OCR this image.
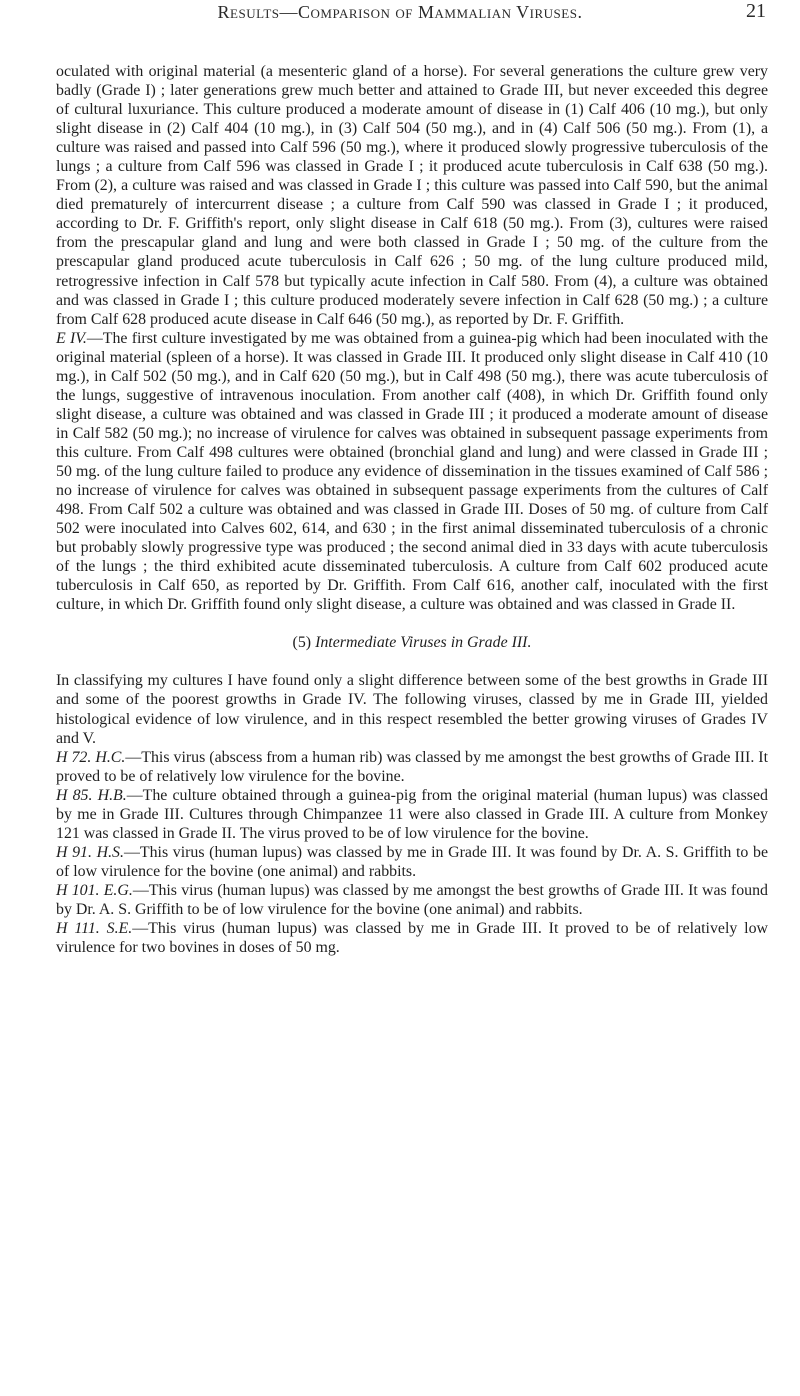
Results—Comparison of Mammalian Viruses.	21

oculated with original material (a mesenteric gland of a horse). For several generations the culture grew very badly (Grade I) ; later generations grew much better and attained to Grade III, but never exceeded this degree of cultural luxuriance. This culture produced a moderate amount of disease in (1) Calf 406 (10 mg.), but only slight disease in (2) Calf 404 (10 mg.), in (3) Calf 504 (50 mg.), and in (4) Calf 506 (50 mg.). From (1), a culture was raised and passed into Calf 596 (50 mg.), where it produced slowly progressive tuberculosis of the lungs ; a culture from Calf 596 was classed in Grade I ; it produced acute tuberculosis in Calf 638 (50 mg.). From (2), a culture was raised and was classed in Grade I ; this culture was passed into Calf 590, but the animal died prematurely of intercurrent disease ; a culture from Calf 590 was classed in Grade I ; it produced, according to Dr. F. Griffith's report, only slight disease in Calf 618 (50 mg.). From (3), cultures were raised from the prescapular gland and lung and were both classed in Grade I ; 50 mg. of the culture from the prescapular gland produced acute tuberculosis in Calf 626 ; 50 mg. of the lung culture produced mild, retrogressive infection in Calf 578 but typically acute infection in Calf 580. From (4), a culture was obtained and was classed in Grade I ; this culture produced moderately severe infection in Calf 628 (50 mg.) ; a culture from Calf 628 produced acute disease in Calf 646 (50 mg.), as reported by Dr. F. Griffith.

E IV.—The first culture investigated by me was obtained from a guinea-pig which had been inoculated with the original material (spleen of a horse). It was classed in Grade III. It produced only slight disease in Calf 410 (10 mg.), in Calf 502 (50 mg.), and in Calf 620 (50 mg.), but in Calf 498 (50 mg.), there was acute tuberculosis of the lungs, suggestive of intravenous inoculation. From another calf (408), in which Dr. Griffith found only slight disease, a culture was obtained and was classed in Grade III ; it produced a moderate amount of disease in Calf 582 (50 mg.); no increase of virulence for calves was obtained in subsequent passage experiments from this culture. From Calf 498 cultures were obtained (bronchial gland and lung) and were classed in Grade III ; 50 mg. of the lung culture failed to produce any evidence of dissemination in the tissues examined of Calf 586 ; no increase of virulence for calves was obtained in subsequent passage experiments from the cultures of Calf 498. From Calf 502 a culture was obtained and was classed in Grade III. Doses of 50 mg. of culture from Calf 502 were inoculated into Calves 602, 614, and 630 ; in the first animal disseminated tuberculosis of a chronic but probably slowly progressive type was produced ; the second animal died in 33 days with acute tuberculosis of the lungs ; the third exhibited acute disseminated tuberculosis. A culture from Calf 602 produced acute tuberculosis in Calf 650, as reported by Dr. Griffith. From Calf 616, another calf, inoculated with the first culture, in which Dr. Griffith found only slight disease, a culture was obtained and was classed in Grade II.

(5) Intermediate Viruses in Grade III.

In classifying my cultures I have found only a slight difference between some of the best growths in Grade III and some of the poorest growths in Grade IV. The following viruses, classed by me in Grade III, yielded histological evidence of low virulence, and in this respect resembled the better growing viruses of Grades IV and V.

H 72. H.C.—This virus (abscess from a human rib) was classed by me amongst the best growths of Grade III. It proved to be of relatively low virulence for the bovine.

H 85. H.B.—The culture obtained through a guinea-pig from the original material (human lupus) was classed by me in Grade III. Cultures through Chimpanzee 11 were also classed in Grade III. A culture from Monkey 121 was classed in Grade II. The virus proved to be of low virulence for the bovine.

H 91. H.S.—This virus (human lupus) was classed by me in Grade III. It was found by Dr. A. S. Griffith to be of low virulence for the bovine (one animal) and rabbits.

H 101. E.G.—This virus (human lupus) was classed by me amongst the best growths of Grade III. It was found by Dr. A. S. Griffith to be of low virulence for the bovine (one animal) and rabbits.

H 111. S.E.—This virus (human lupus) was classed by me in Grade III. It proved to be of relatively low virulence for two bovines in doses of 50 mg.
